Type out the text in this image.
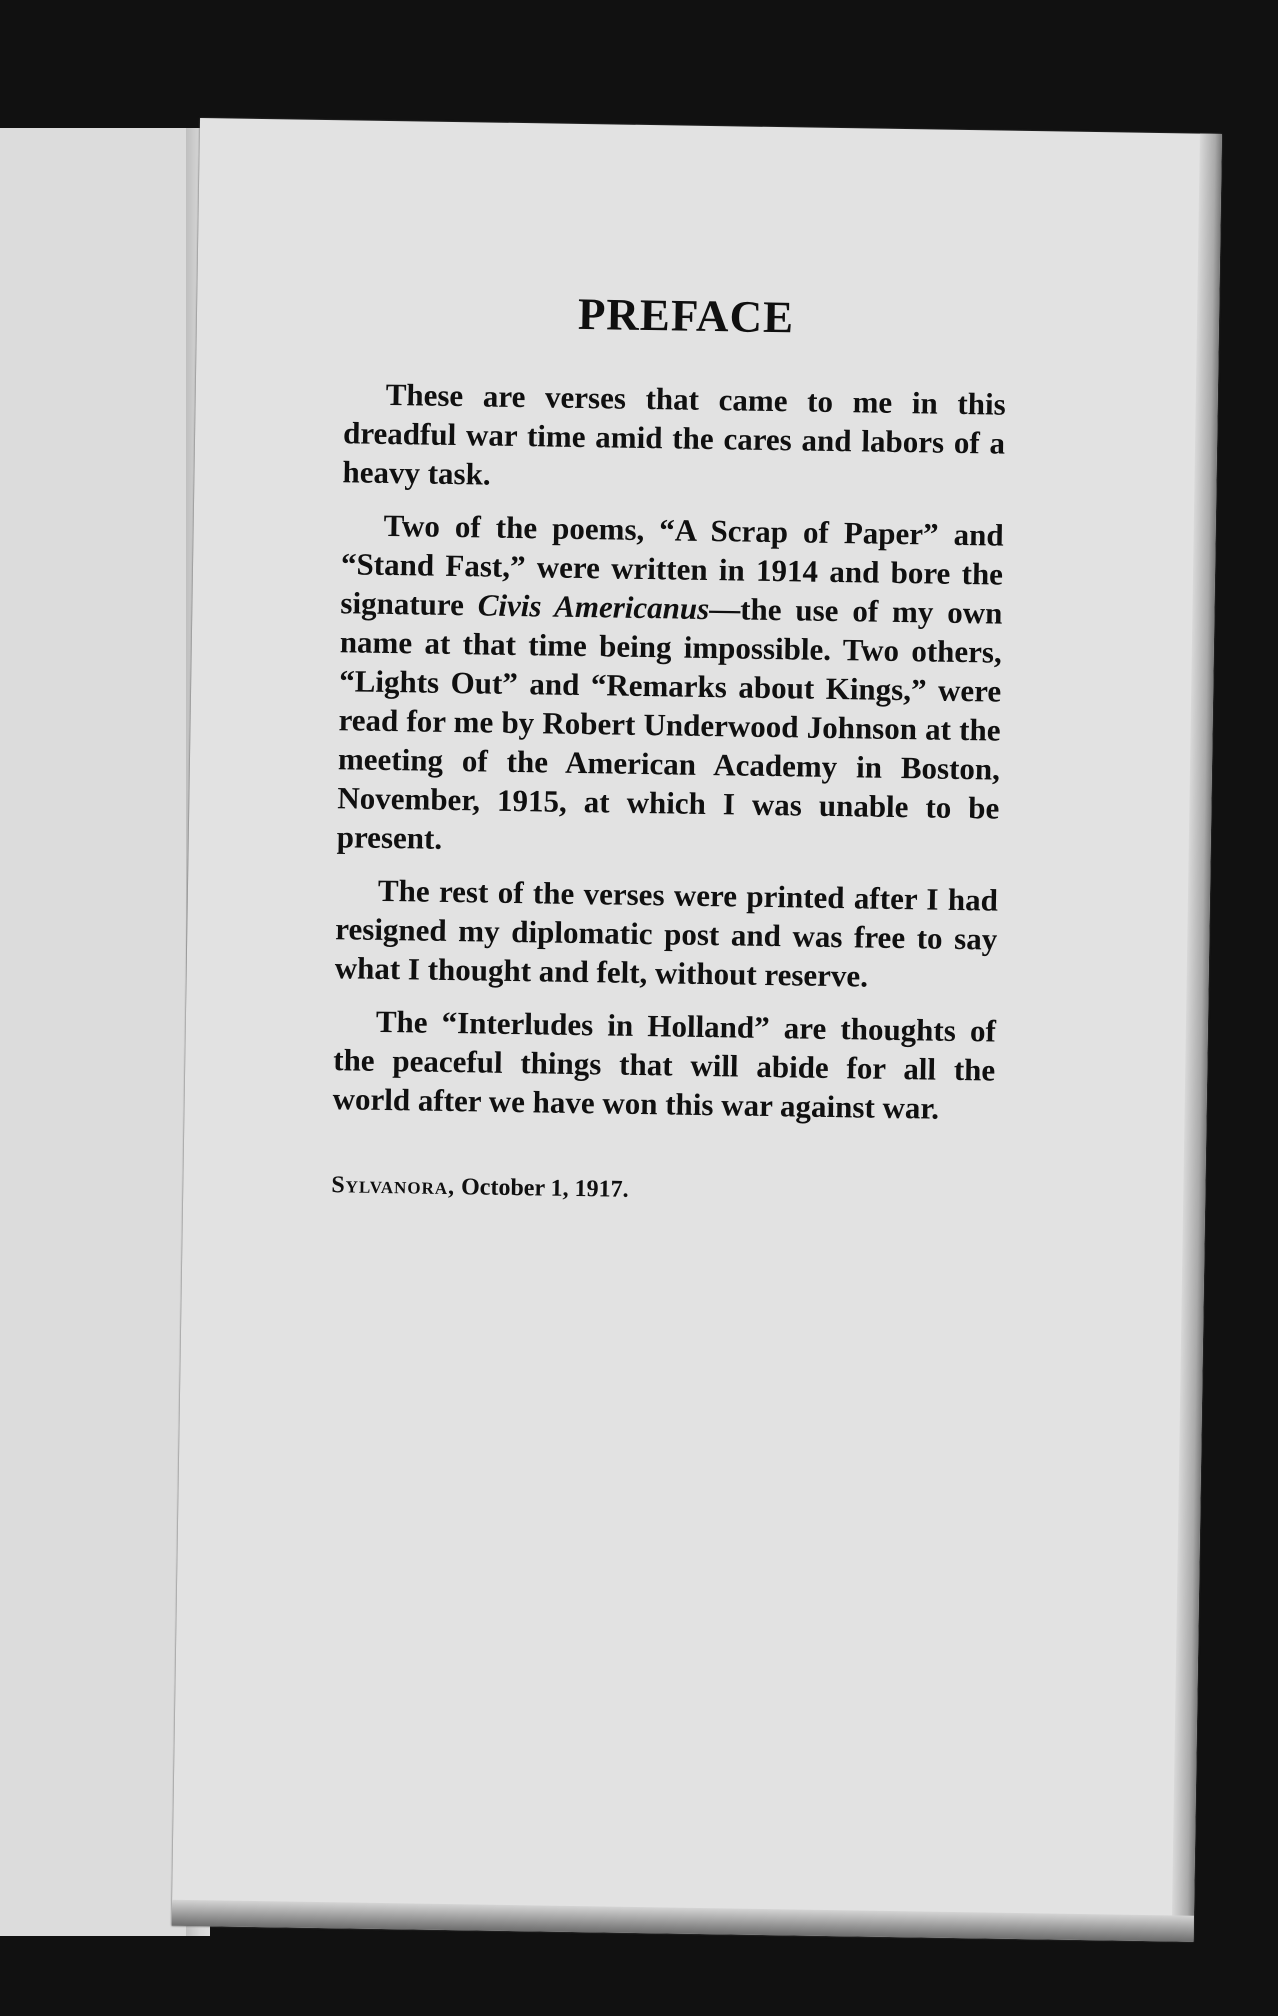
PREFACE

These are verses that came to me in this dreadful war time amid the cares and labors of a heavy task.

Two of the poems, “A Scrap of Paper” and “Stand Fast,” were written in 1914 and bore the signature Civis Americanus—the use of my own name at that time being impossible. Two others, “Lights Out” and “Remarks about Kings,” were read for me by Robert Underwood Johnson at the meeting of the American Academy in Boston, November, 1915, at which I was unable to be present.

The rest of the verses were printed after I had resigned my diplomatic post and was free to say what I thought and felt, without reserve.

The “Interludes in Holland” are thoughts of the peaceful things that will abide for all the world after we have won this war against war.

Sylvanora, October 1, 1917.
